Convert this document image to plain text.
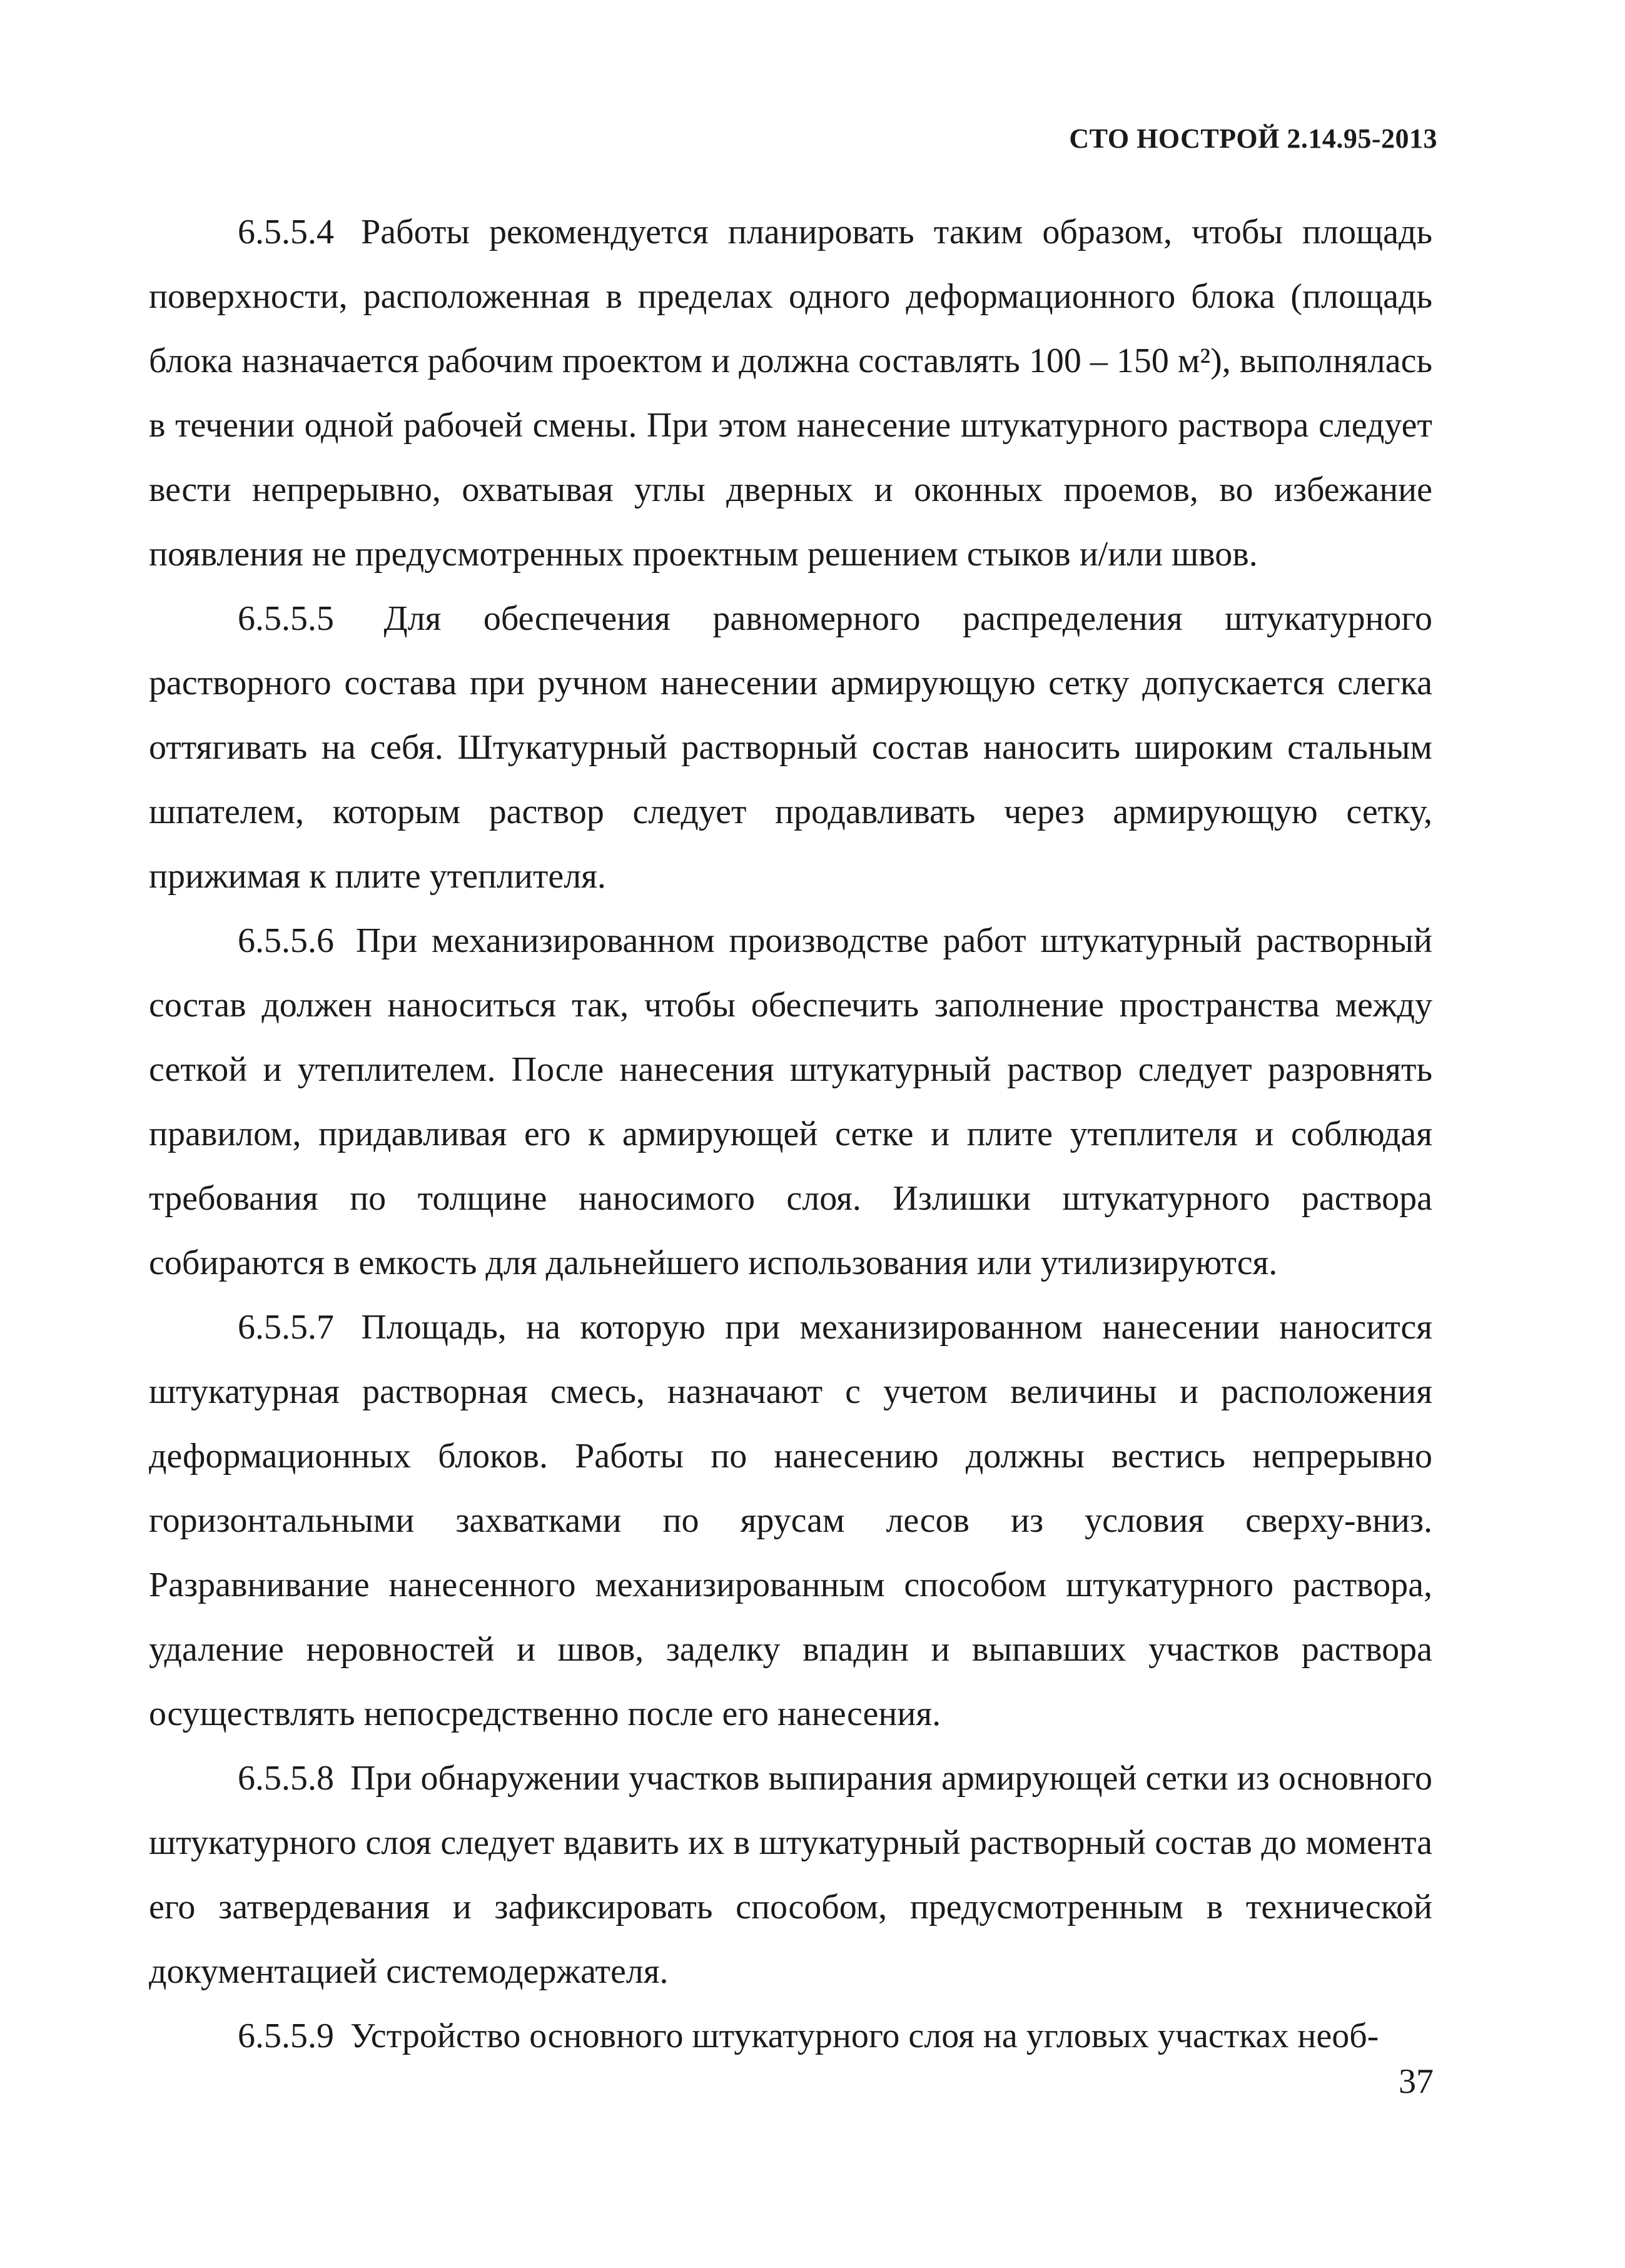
СТО НОСТРОЙ 2.14.95-2013

6.5.5.4 Работы рекомендуется планировать таким образом, чтобы площадь поверхности, расположенная в пределах одного деформационного блока (площадь блока назначается рабочим проектом и должна составлять 100 – 150 м²), выполнялась в течении одной рабочей смены. При этом нанесение штукатурного раствора следует вести непрерывно, охватывая углы дверных и оконных проемов, во избежание появления не предусмотренных проектным решением стыков и/или швов.

6.5.5.5 Для обеспечения равномерного распределения штукатурного растворного состава при ручном нанесении армирующую сетку допускается слегка оттягивать на себя. Штукатурный растворный состав наносить широким стальным шпателем, которым раствор следует продавливать через армирующую сетку, прижимая к плите утеплителя.

6.5.5.6 При механизированном производстве работ штукатурный растворный состав должен наноситься так, чтобы обеспечить заполнение пространства между сеткой и утеплителем. После нанесения штукатурный раствор следует разровнять правилом, придавливая его к армирующей сетке и плите утеплителя и соблюдая требования по толщине наносимого слоя. Излишки штукатурного раствора собираются в емкость для дальнейшего использования или утилизируются.

6.5.5.7 Площадь, на которую при механизированном нанесении наносится штукатурная растворная смесь, назначают с учетом величины и расположения деформационных блоков. Работы по нанесению должны вестись непрерывно горизонтальными захватками по ярусам лесов из условия сверху-вниз. Разравнивание нанесенного механизированным способом штукатурного раствора, удаление неровностей и швов, заделку впадин и выпавших участков раствора осуществлять непосредственно после его нанесения.

6.5.5.8 При обнаружении участков выпирания армирующей сетки из основного штукатурного слоя следует вдавить их в штукатурный растворный состав до момента его затвердевания и зафиксировать способом, предусмотренным в технической документацией системодержателя.

6.5.5.9 Устройство основного штукатурного слоя на угловых участках необ-

37
